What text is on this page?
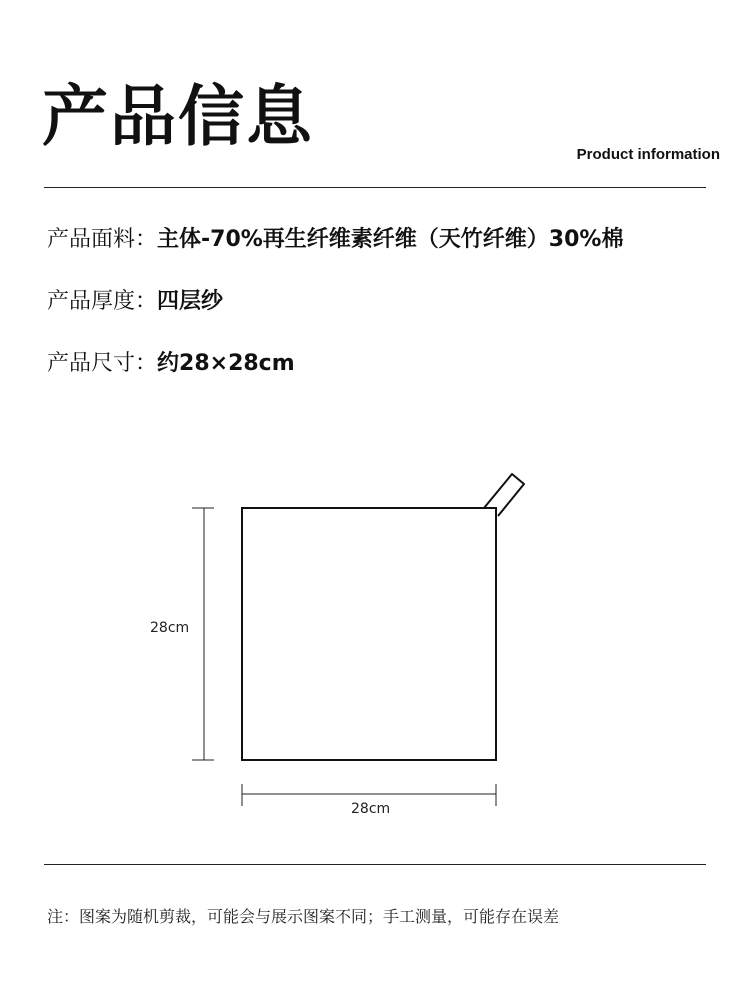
产品信息	Product information
产品面料：主体-70%再生纤维素纤维（天竹纤维）30%棉
产品厚度：四层纱
产品尺寸：约28×28cm
28cm
28cm
注：图案为随机剪裁，可能会与展示图案不同；手工测量，可能存在误差
